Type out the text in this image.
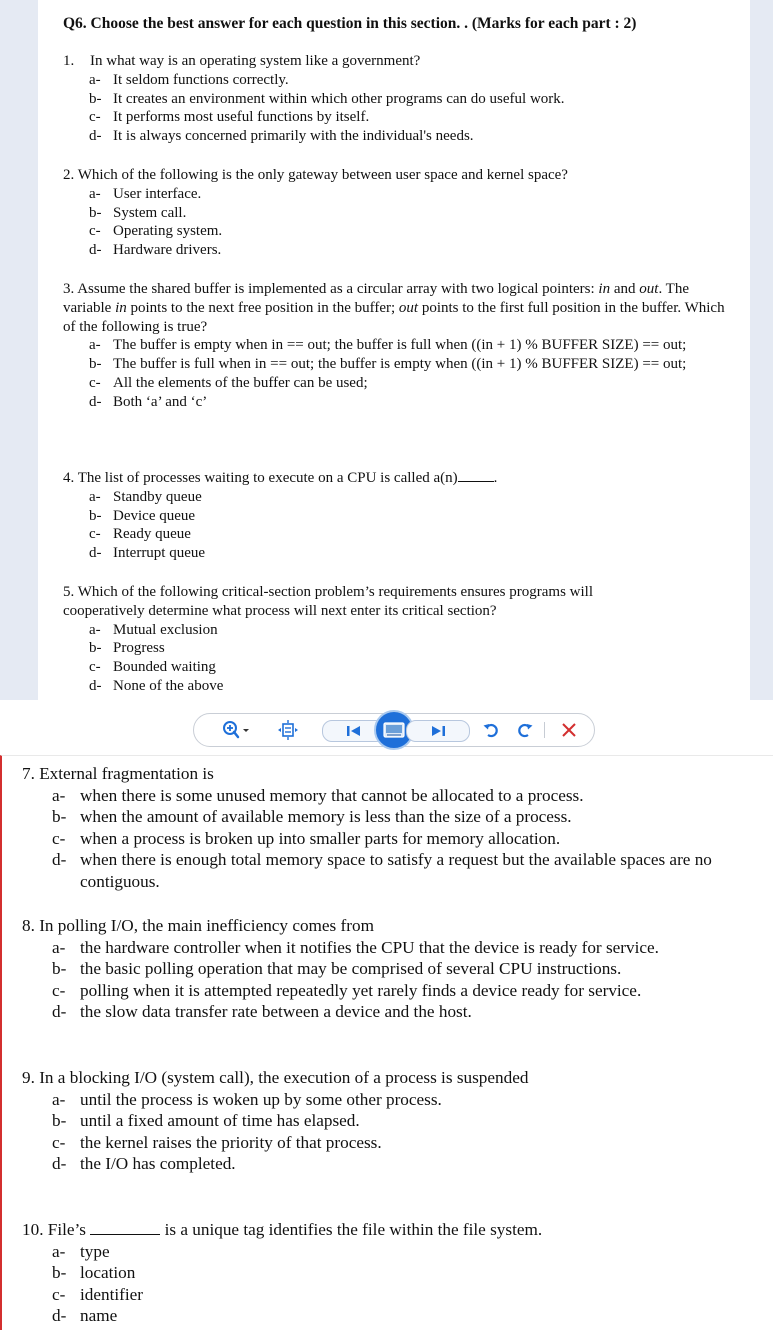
Q6. Choose the best answer for each question in this section. . (Marks for each part : 2)

1. In what way is an operating system like a government?

a- It seldom functions correctly.
b- It creates an environment within which other programs can do useful work.
c- It performs most useful functions by itself.
d- It is always concerned primarily with the individual's needs.

2. Which of the following is the only gateway between user space and kernel space?

a- User interface.
b- System call.
c- Operating system.
d- Hardware drivers.

3. Assume the shared buffer is implemented as a circular array with two logical pointers: in and out. The variable in points to the next free position in the buffer; out points to the first full position in the buffer. Which of the following is true?

a- The buffer is empty when in == out; the buffer is full when ((in + 1) % BUFFER SIZE) == out;
b- The buffer is full when in == out; the buffer is empty when ((in + 1) % BUFFER SIZE) == out;
c- All the elements of the buffer can be used;
d- Both ‘a’ and ‘c’

4. The list of processes waiting to execute on a CPU is called a(n) .

a- Standby queue
b- Device queue
c- Ready queue
d- Interrupt queue

5. Which of the following critical-section problem’s requirements ensures programs will cooperatively determine what process will next enter its critical section?

a- Mutual exclusion
b- Progress
c- Bounded waiting
d- None of the above
7. External fragmentation is
a- when there is some unused memory that cannot be allocated to a process.
b- when the amount of available memory is less than the size of a process.
c- when a process is broken up into smaller parts for memory allocation.
d- when there is enough total memory space to satisfy a request but the available spaces are no
contiguous.
8. In polling I/O, the main inefficiency comes from
a- the hardware controller when it notifies the CPU that the device is ready for service.
b- the basic polling operation that may be comprised of several CPU instructions.
c- polling when it is attempted repeatedly yet rarely finds a device ready for service.
d- the slow data transfer rate between a device and the host.
9. In a blocking I/O (system call), the execution of a process is suspended
a- until the process is woken up by some other process.
b- until a fixed amount of time has elapsed.
c- the kernel raises the priority of that process.
d- the I/O has completed.
10. File’s	is a unique tag identifies the file within the file system.
a- type
b- location
c- identifier
d- name
